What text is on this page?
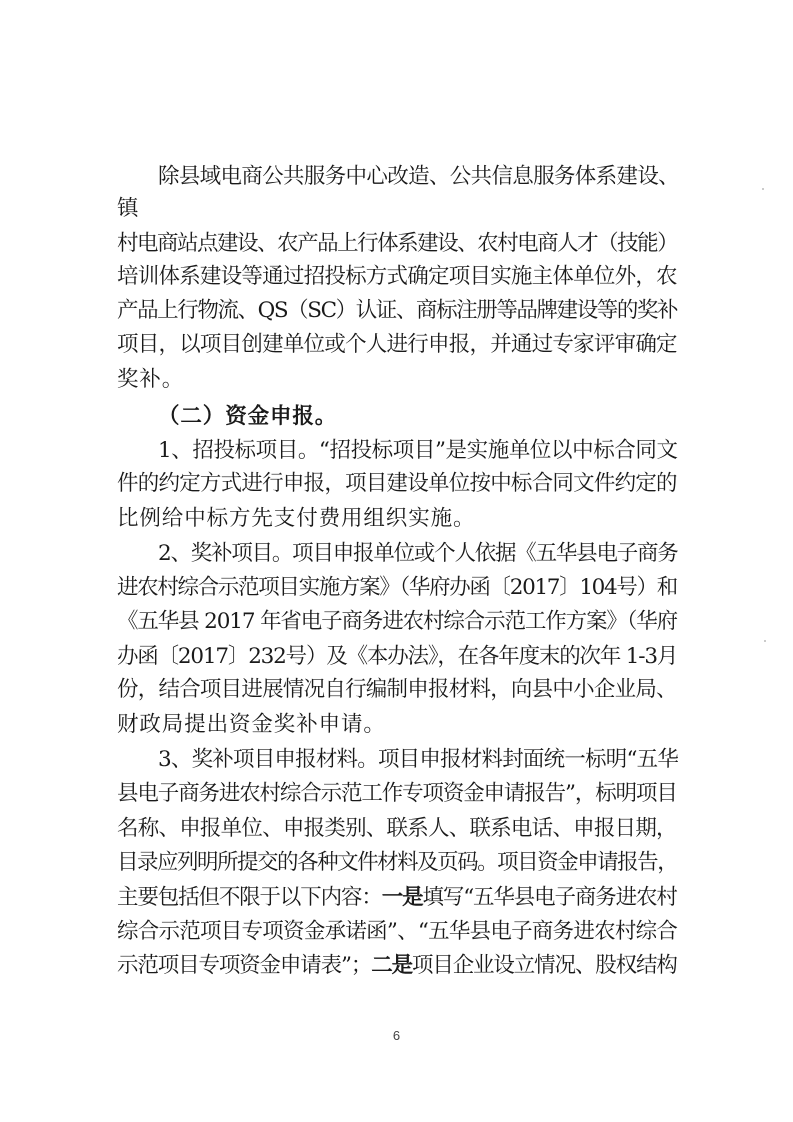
除县域电商公共服务中心改造、公共信息服务体系建设、
镇
村电商站点建设、农产品上行体系建设、农村电商人才（技能）
培训体系建设等通过招投标方式确定项目实施主体单位外，农
产品上行物流、QS（SC）认证、商标注册等品牌建设等的奖补
项目，以项目创建单位或个人进行申报，并通过专家评审确定
奖补。
（二）资金申报。
1、招投标项目。“招投标项目”是实施单位以中标合同文
件的约定方式进行申报，项目建设单位按中标合同文件约定的
比例给中标方先支付费用组织实施。
2、奖补项目。项目申报单位或个人依据《五华县电子商务
进农村综合示范项目实施方案》（华府办函〔2017〕104号）和
《五华县 2017 年省电子商务进农村综合示范工作方案》（华府
办函〔2017〕232号）及《本办法》，在各年度末的次年 1-3月
份，结合项目进展情况自行编制申报材料，向县中小企业局、
财政局提出资金奖补申请。
3、奖补项目申报材料。项目申报材料封面统一标明“五华
县电子商务进农村综合示范工作专项资金申请报告”，标明项目
名称、申报单位、申报类别、联系人、联系电话、申报日期，
目录应列明所提交的各种文件材料及页码。项目资金申请报告，
主要包括但不限于以下内容：一是填写“五华县电子商务进农村
综合示范项目专项资金承诺函”、“五华县电子商务进农村综合
示范项目专项资金申请表”；二是项目企业设立情况、股权结构
6
